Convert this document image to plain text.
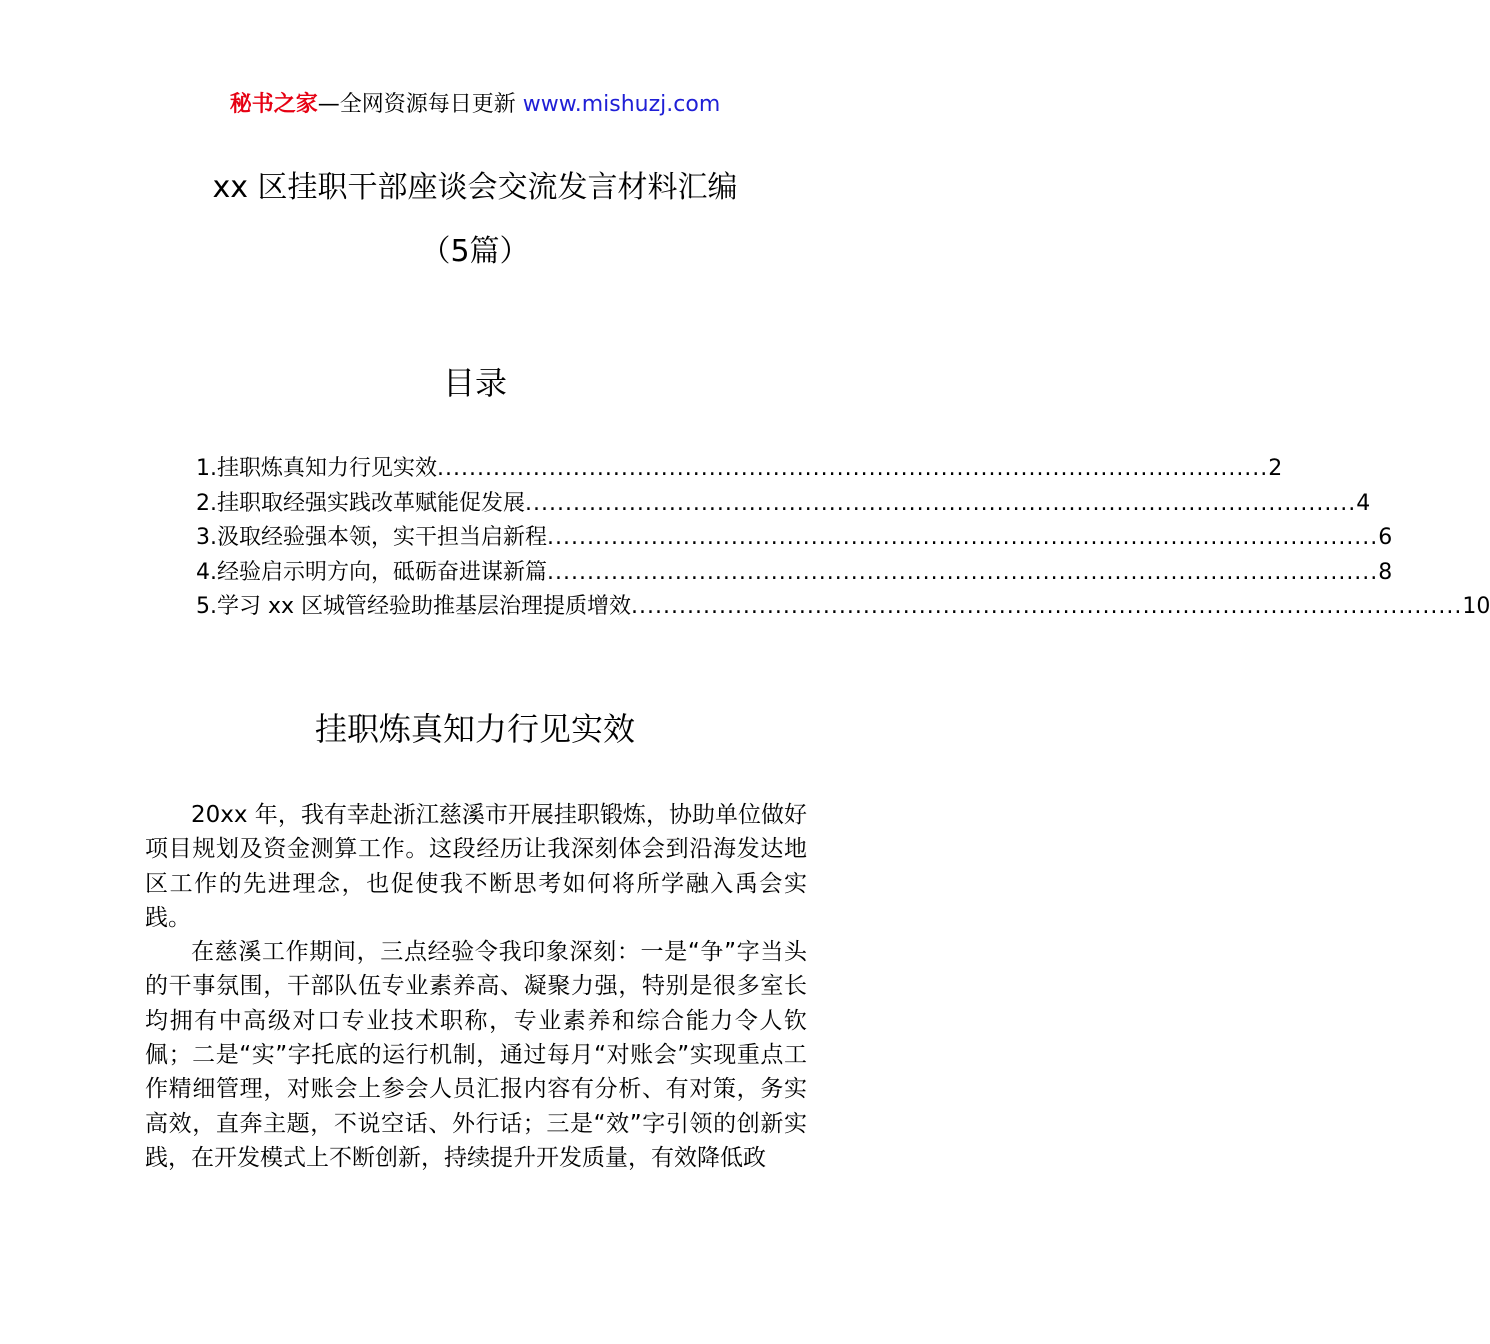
秘书之家—全网资源每日更新 www.mishuzj.com
xx 区挂职干部座谈会交流发言材料汇编
（5篇）
目录
1.挂职炼真知力行见实效 ........................................................................................................ 2
2.挂职取经强实践改革赋能促发展 ........................................................................................................ 4
3.汲取经验强本领，实干担当启新程 ........................................................................................................ 6
4.经验启示明方向，砥砺奋进谋新篇 ........................................................................................................ 8
5.学习 xx 区城管经验助推基层治理提质增效 ........................................................................................................ 10
挂职炼真知力行见实效

20xx 年，我有幸赴浙江慈溪市开展挂职锻炼，协助单位做好项目规划及资金测算工作。这段经历让我深刻体会到沿海发达地区工作的先进理念，也促使我不断思考如何将所学融入禹会实践。

在慈溪工作期间，三点经验令我印象深刻：一是“争”字当头的干事氛围，干部队伍专业素养高、凝聚力强，特别是很多室长均拥有中高级对口专业技术职称，专业素养和综合能力令人钦佩；二是“实”字托底的运行机制，通过每月“对账会”实现重点工作精细管理，对账会上参会人员汇报内容有分析、有对策，务实高效，直奔主题，不说空话、外行话；三是“效”字引领的创新实践，在开发模式上不断创新，持续提升开发质量，有效降低政
